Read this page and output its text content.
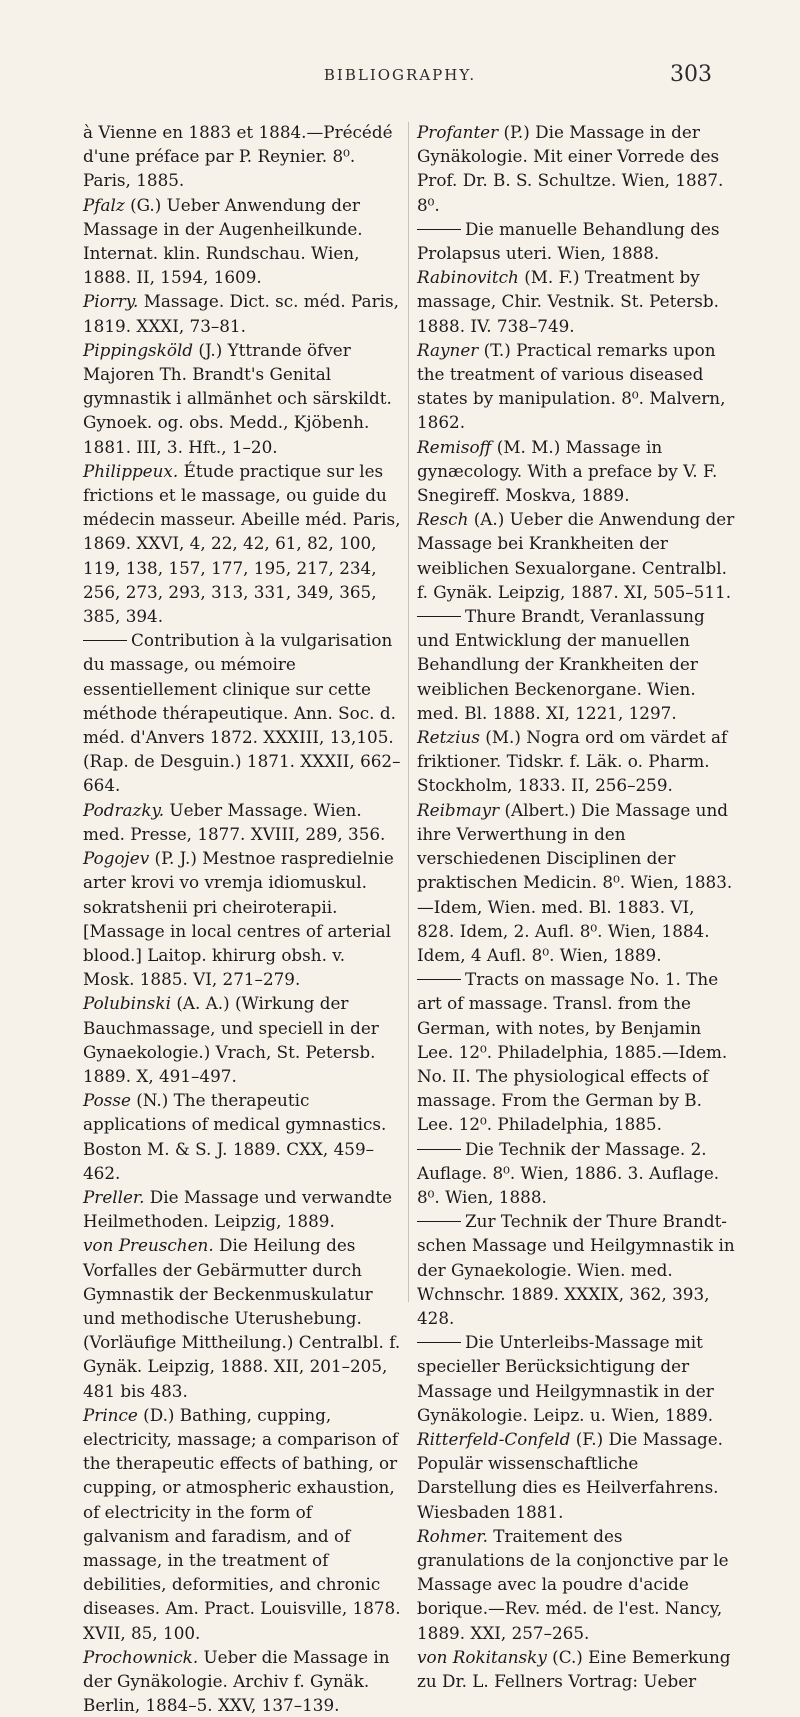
BIBLIOGRAPHY.	303

à Vienne en 1883 et 1884.—Précédé d'une préface par P. Reynier. 8⁰. Paris, 1885.

Pfalz (G.) Ueber Anwendung der Massage in der Augenheilkunde. Internat. klin. Rundschau. Wien, 1888. II, 1594, 1609.

Piorry. Massage. Dict. sc. méd. Paris, 1819. XXXI, 73–81.

Pippingsköld (J.) Yttrande öfver Majoren Th. Brandt's Genital gymnastik i allmänhet och särskildt. Gynoek. og. obs. Medd., Kjöbenh. 1881. III, 3. Hft., 1–20.

Philippeux. Étude practique sur les frictions et le massage, ou guide du médecin masseur. Abeille méd. Paris, 1869. XXVI, 4, 22, 42, 61, 82, 100, 119, 138, 157, 177, 195, 217, 234, 256, 273, 293, 313, 331, 349, 365, 385, 394.

Contribution à la vulgarisation du massage, ou mémoire essentiellement clinique sur cette méthode thérapeutique. Ann. Soc. d. méd. d'Anvers 1872. XXXIII, 13,105. (Rap. de Desguin.) 1871. XXXII, 662–664.

Podrazky. Ueber Massage. Wien. med. Presse, 1877. XVIII, 289, 356.

Pogojev (P. J.) Mestnoe raspredielnie arter krovi vo vremja idiomuskul. sokratshenii pri cheiroterapii. [Massage in local centres of arterial blood.] Laitop. khirurg obsh. v. Mosk. 1885. VI, 271–279.

Polubinski (A. A.) (Wirkung der Bauchmassage, und speciell in der Gynaekologie.) Vrach, St. Petersb. 1889. X, 491–497.

Posse (N.) The therapeutic applications of medical gymnastics. Boston M. & S. J. 1889. CXX, 459–462.

Preller. Die Massage und verwandte Heilmethoden. Leipzig, 1889.

von Preuschen. Die Heilung des Vorfalles der Gebärmutter durch Gymnastik der Beckenmuskulatur und methodische Uterushebung. (Vorläufige Mittheilung.) Centralbl. f. Gynäk. Leipzig, 1888. XII, 201–205, 481 bis 483.

Prince (D.) Bathing, cupping, electricity, massage; a comparison of the therapeutic effects of bathing, or cupping, or atmospheric exhaustion, of electricity in the form of galvanism and faradism, and of massage, in the treatment of debilities, deformities, and chronic diseases. Am. Pract. Louisville, 1878. XVII, 85, 100.

Prochownick. Ueber die Massage in der Gynäkologie. Archiv f. Gynäk. Berlin, 1884–5. XXV, 137–139.

Profanter (P.) Die Massage in der Gynäkologie. Mit einer Vorrede des Prof. Dr. B. S. Schultze. Wien, 1887. 8⁰.

Die manuelle Behandlung des Prolapsus uteri. Wien, 1888.

Rabinovitch (M. F.) Treatment by massage, Chir. Vestnik. St. Petersb. 1888. IV. 738–749.

Rayner (T.) Practical remarks upon the treatment of various diseased states by manipulation. 8⁰. Malvern, 1862.

Remisoff (M. M.) Massage in gynæcology. With a preface by V. F. Snegireff. Moskva, 1889.

Resch (A.) Ueber die Anwendung der Massage bei Krankheiten der weiblichen Sexualorgane. Centralbl. f. Gynäk. Leipzig, 1887. XI, 505–511.

Thure Brandt, Veranlassung und Entwicklung der manuellen Behandlung der Krankheiten der weiblichen Beckenorgane. Wien. med. Bl. 1888. XI, 1221, 1297.

Retzius (M.) Nogra ord om värdet af friktioner. Tidskr. f. Läk. o. Pharm. Stockholm, 1833. II, 256–259.

Reibmayr (Albert.) Die Massage und ihre Verwerthung in den verschiedenen Disciplinen der praktischen Medicin. 8⁰. Wien, 1883.—Idem, Wien. med. Bl. 1883. VI, 828. Idem, 2. Aufl. 8⁰. Wien, 1884. Idem, 4 Aufl. 8⁰. Wien, 1889.

Tracts on massage No. 1. The art of massage. Transl. from the German, with notes, by Benjamin Lee. 12⁰. Philadelphia, 1885.—Idem. No. II. The physiological effects of massage. From the German by B. Lee. 12⁰. Philadelphia, 1885.

Die Technik der Massage. 2. Auflage. 8⁰. Wien, 1886. 3. Auflage. 8⁰. Wien, 1888.

Zur Technik der Thure Brandt-schen Massage und Heilgymnastik in der Gynaekologie. Wien. med. Wchnschr. 1889. XXXIX, 362, 393, 428.

Die Unterleibs-Massage mit specieller Berücksichtigung der Massage und Heilgymnastik in der Gynäkologie. Leipz. u. Wien, 1889.

Ritterfeld-Confeld (F.) Die Massage. Populär wissenschaftliche Darstellung dies es Heilverfahrens. Wiesbaden 1881.

Rohmer. Traitement des granulations de la conjonctive par le Massage avec la poudre d'acide borique.—Rev. méd. de l'est. Nancy, 1889. XXI, 257–265.

von Rokitansky (C.) Eine Bemerkung zu Dr. L. Fellners Vortrag: Ueber
